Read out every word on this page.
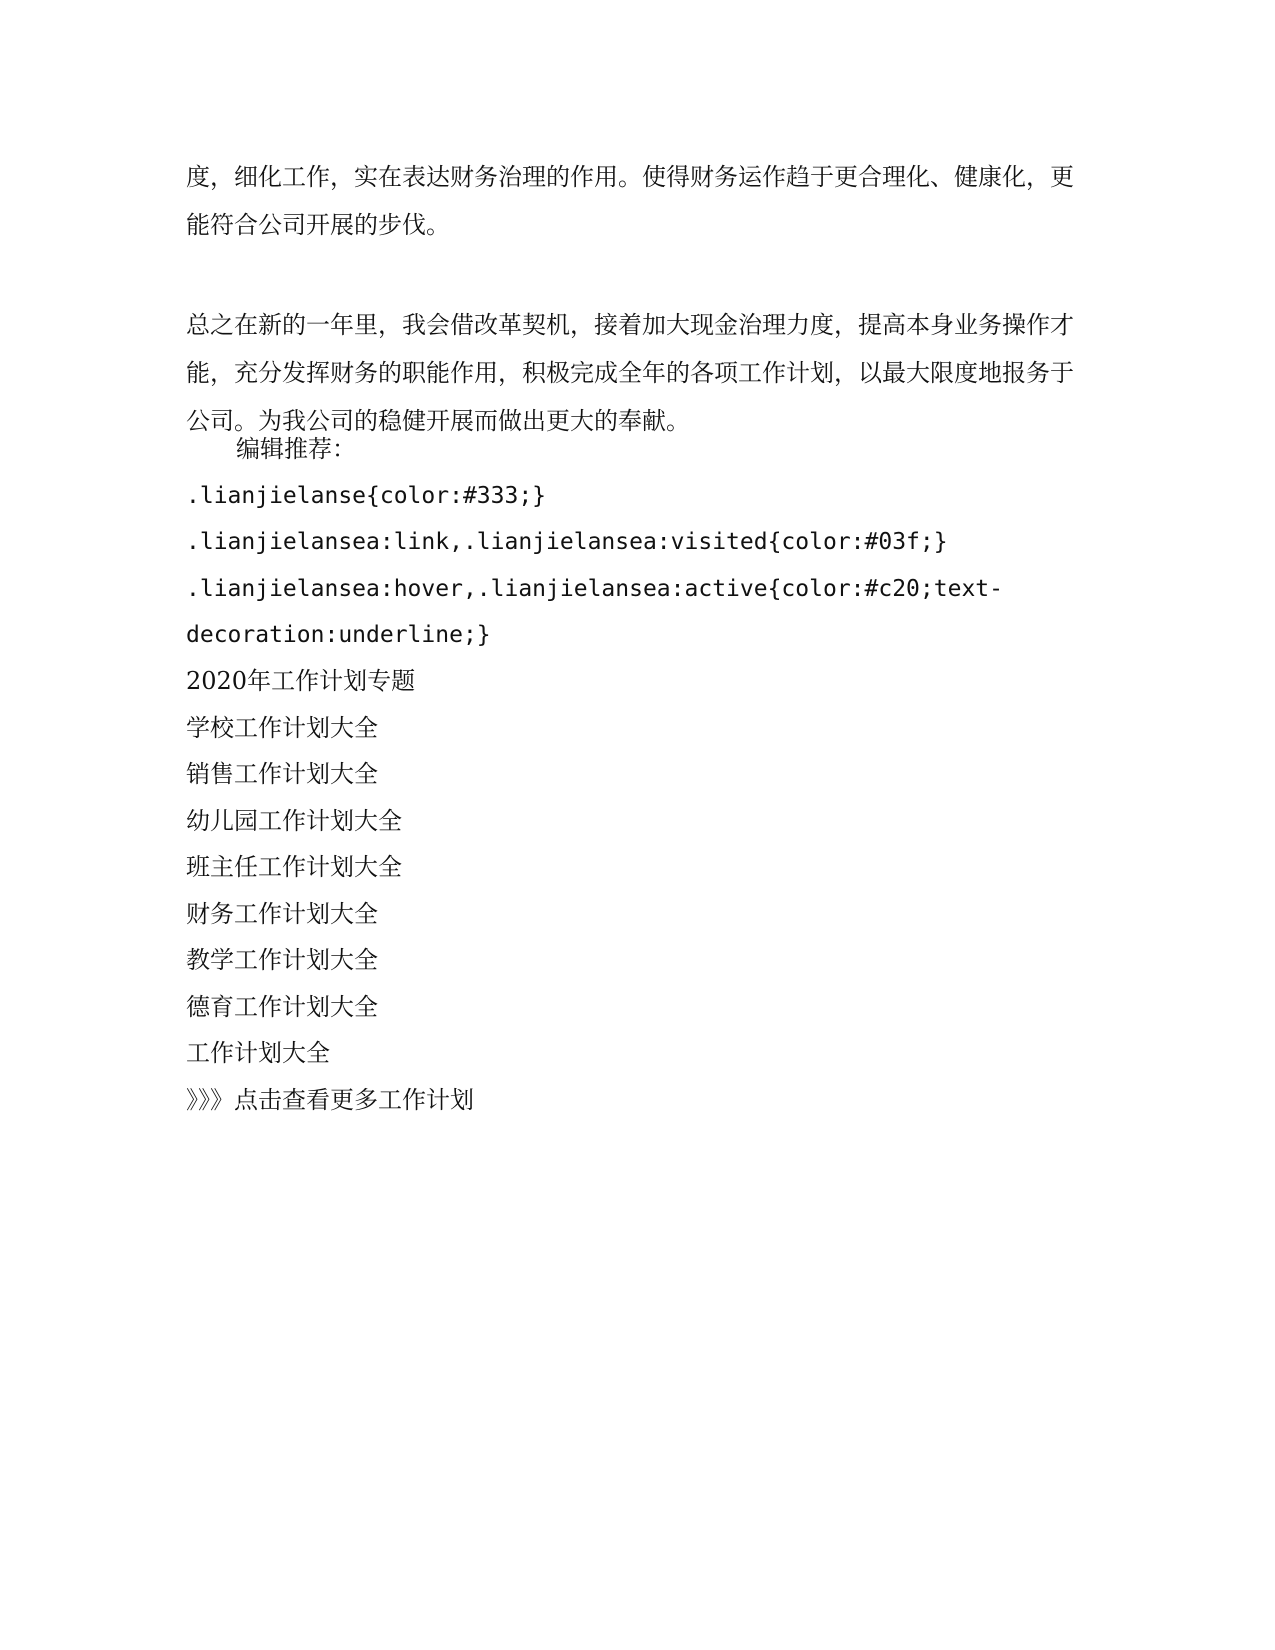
度，细化工作，实在表达财务治理的作用。使得财务运作趋于更合理化、健康化，更能符合公司开展的步伐。

总之在新的一年里，我会借改革契机，接着加大现金治理力度，提高本身业务操作才能，充分发挥财务的职能作用，积极完成全年的各项工作计划，以最大限度地报务于公司。为我公司的稳健开展而做出更大的奉献。

编辑推荐：
.lianjielanse{color:#333;}
.lianjielansea:link,.lianjielansea:visited{color:#03f;}
.lianjielansea:hover,.lianjielansea:active{color:#c20;text-
decoration:underline;}
2020年工作计划专题
学校工作计划大全
销售工作计划大全
幼儿园工作计划大全
班主任工作计划大全
财务工作计划大全
教学工作计划大全
德育工作计划大全
工作计划大全
》》》点击查看更多工作计划
